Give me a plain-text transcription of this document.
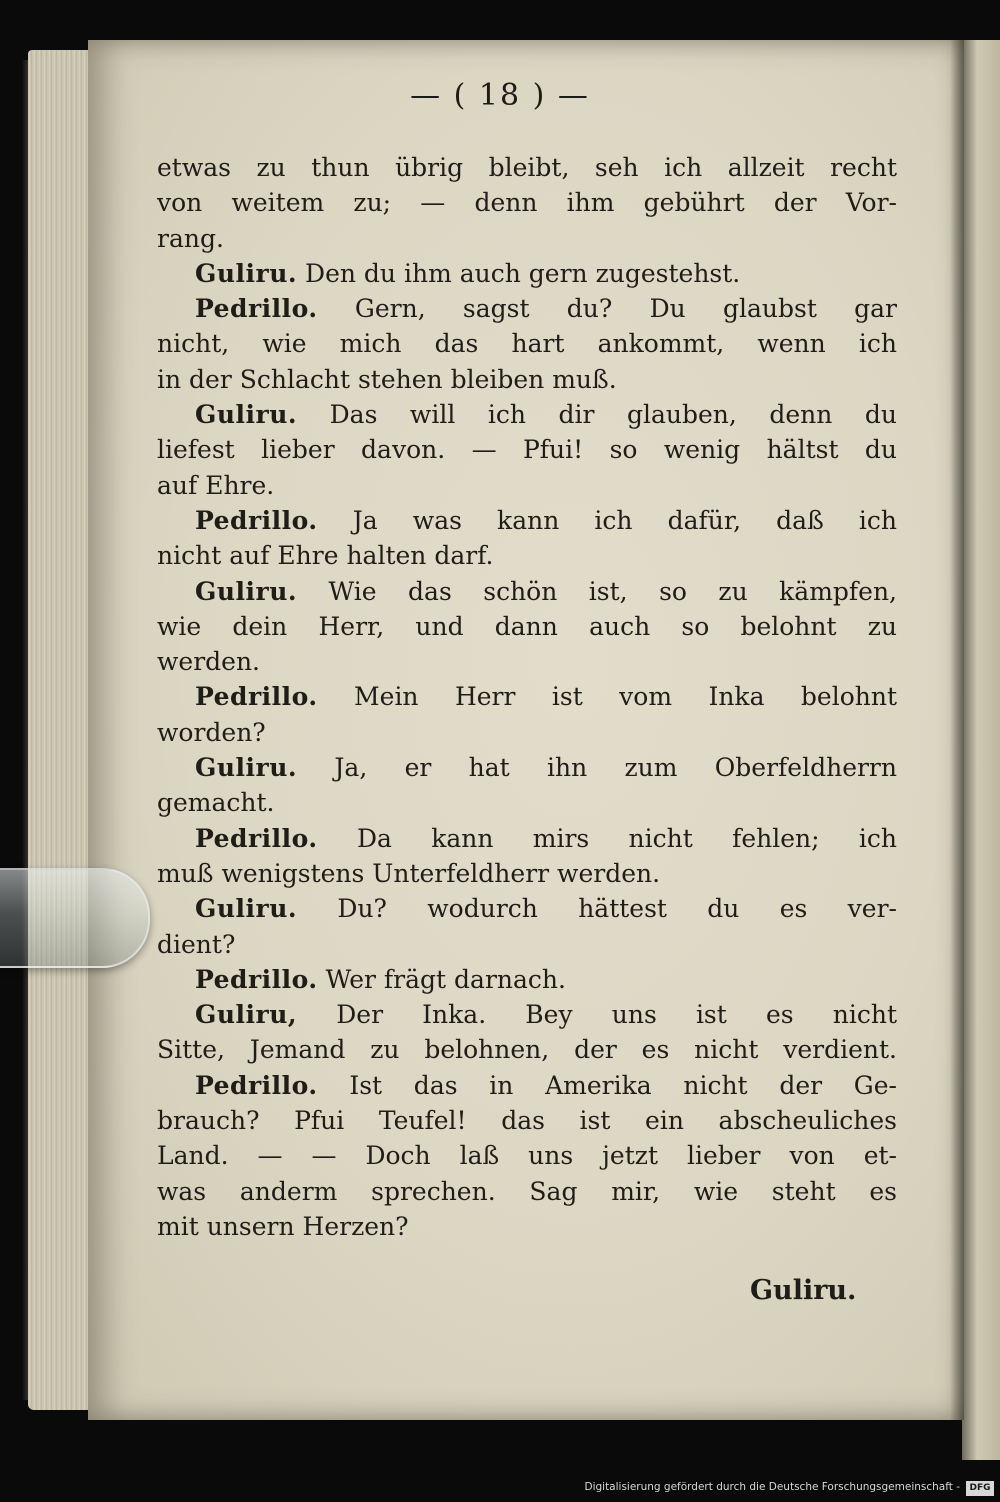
— ( 18 ) —
etwas zu thun übrig bleibt, seh ich allzeit recht
von weitem zu; — denn ihm gebührt der Vor-
rang.
Guliru. Den du ihm auch gern zugestehst.
Pedrillo. Gern, sagst du? Du glaubst gar
nicht, wie mich das hart ankommt, wenn ich
in der Schlacht stehen bleiben muß.
Guliru. Das will ich dir glauben, denn du
liefest lieber davon. — Pfui! so wenig hältst du
auf Ehre.
Pedrillo. Ja was kann ich dafür, daß ich
nicht auf Ehre halten darf.
Guliru. Wie das schön ist, so zu kämpfen,
wie dein Herr, und dann auch so belohnt zu
werden.
Pedrillo. Mein Herr ist vom Inka belohnt
worden?
Guliru. Ja, er hat ihn zum Oberfeldherrn
gemacht.
Pedrillo. Da kann mirs nicht fehlen; ich
muß wenigstens Unterfeldherr werden.
Guliru. Du? wodurch hättest du es ver-
dient?
Pedrillo. Wer frägt darnach.
Guliru, Der Inka. Bey uns ist es nicht
Sitte, Jemand zu belohnen, der es nicht verdient.
Pedrillo. Ist das in Amerika nicht der Ge-
brauch? Pfui Teufel! das ist ein abscheuliches
Land. — — Doch laß uns jetzt lieber von et-
was anderm sprechen. Sag mir, wie steht es
mit unsern Herzen?
Guliru.
Digitalisierung gefördert durch die Deutsche Forschungsgemeinschaft -	DFG
